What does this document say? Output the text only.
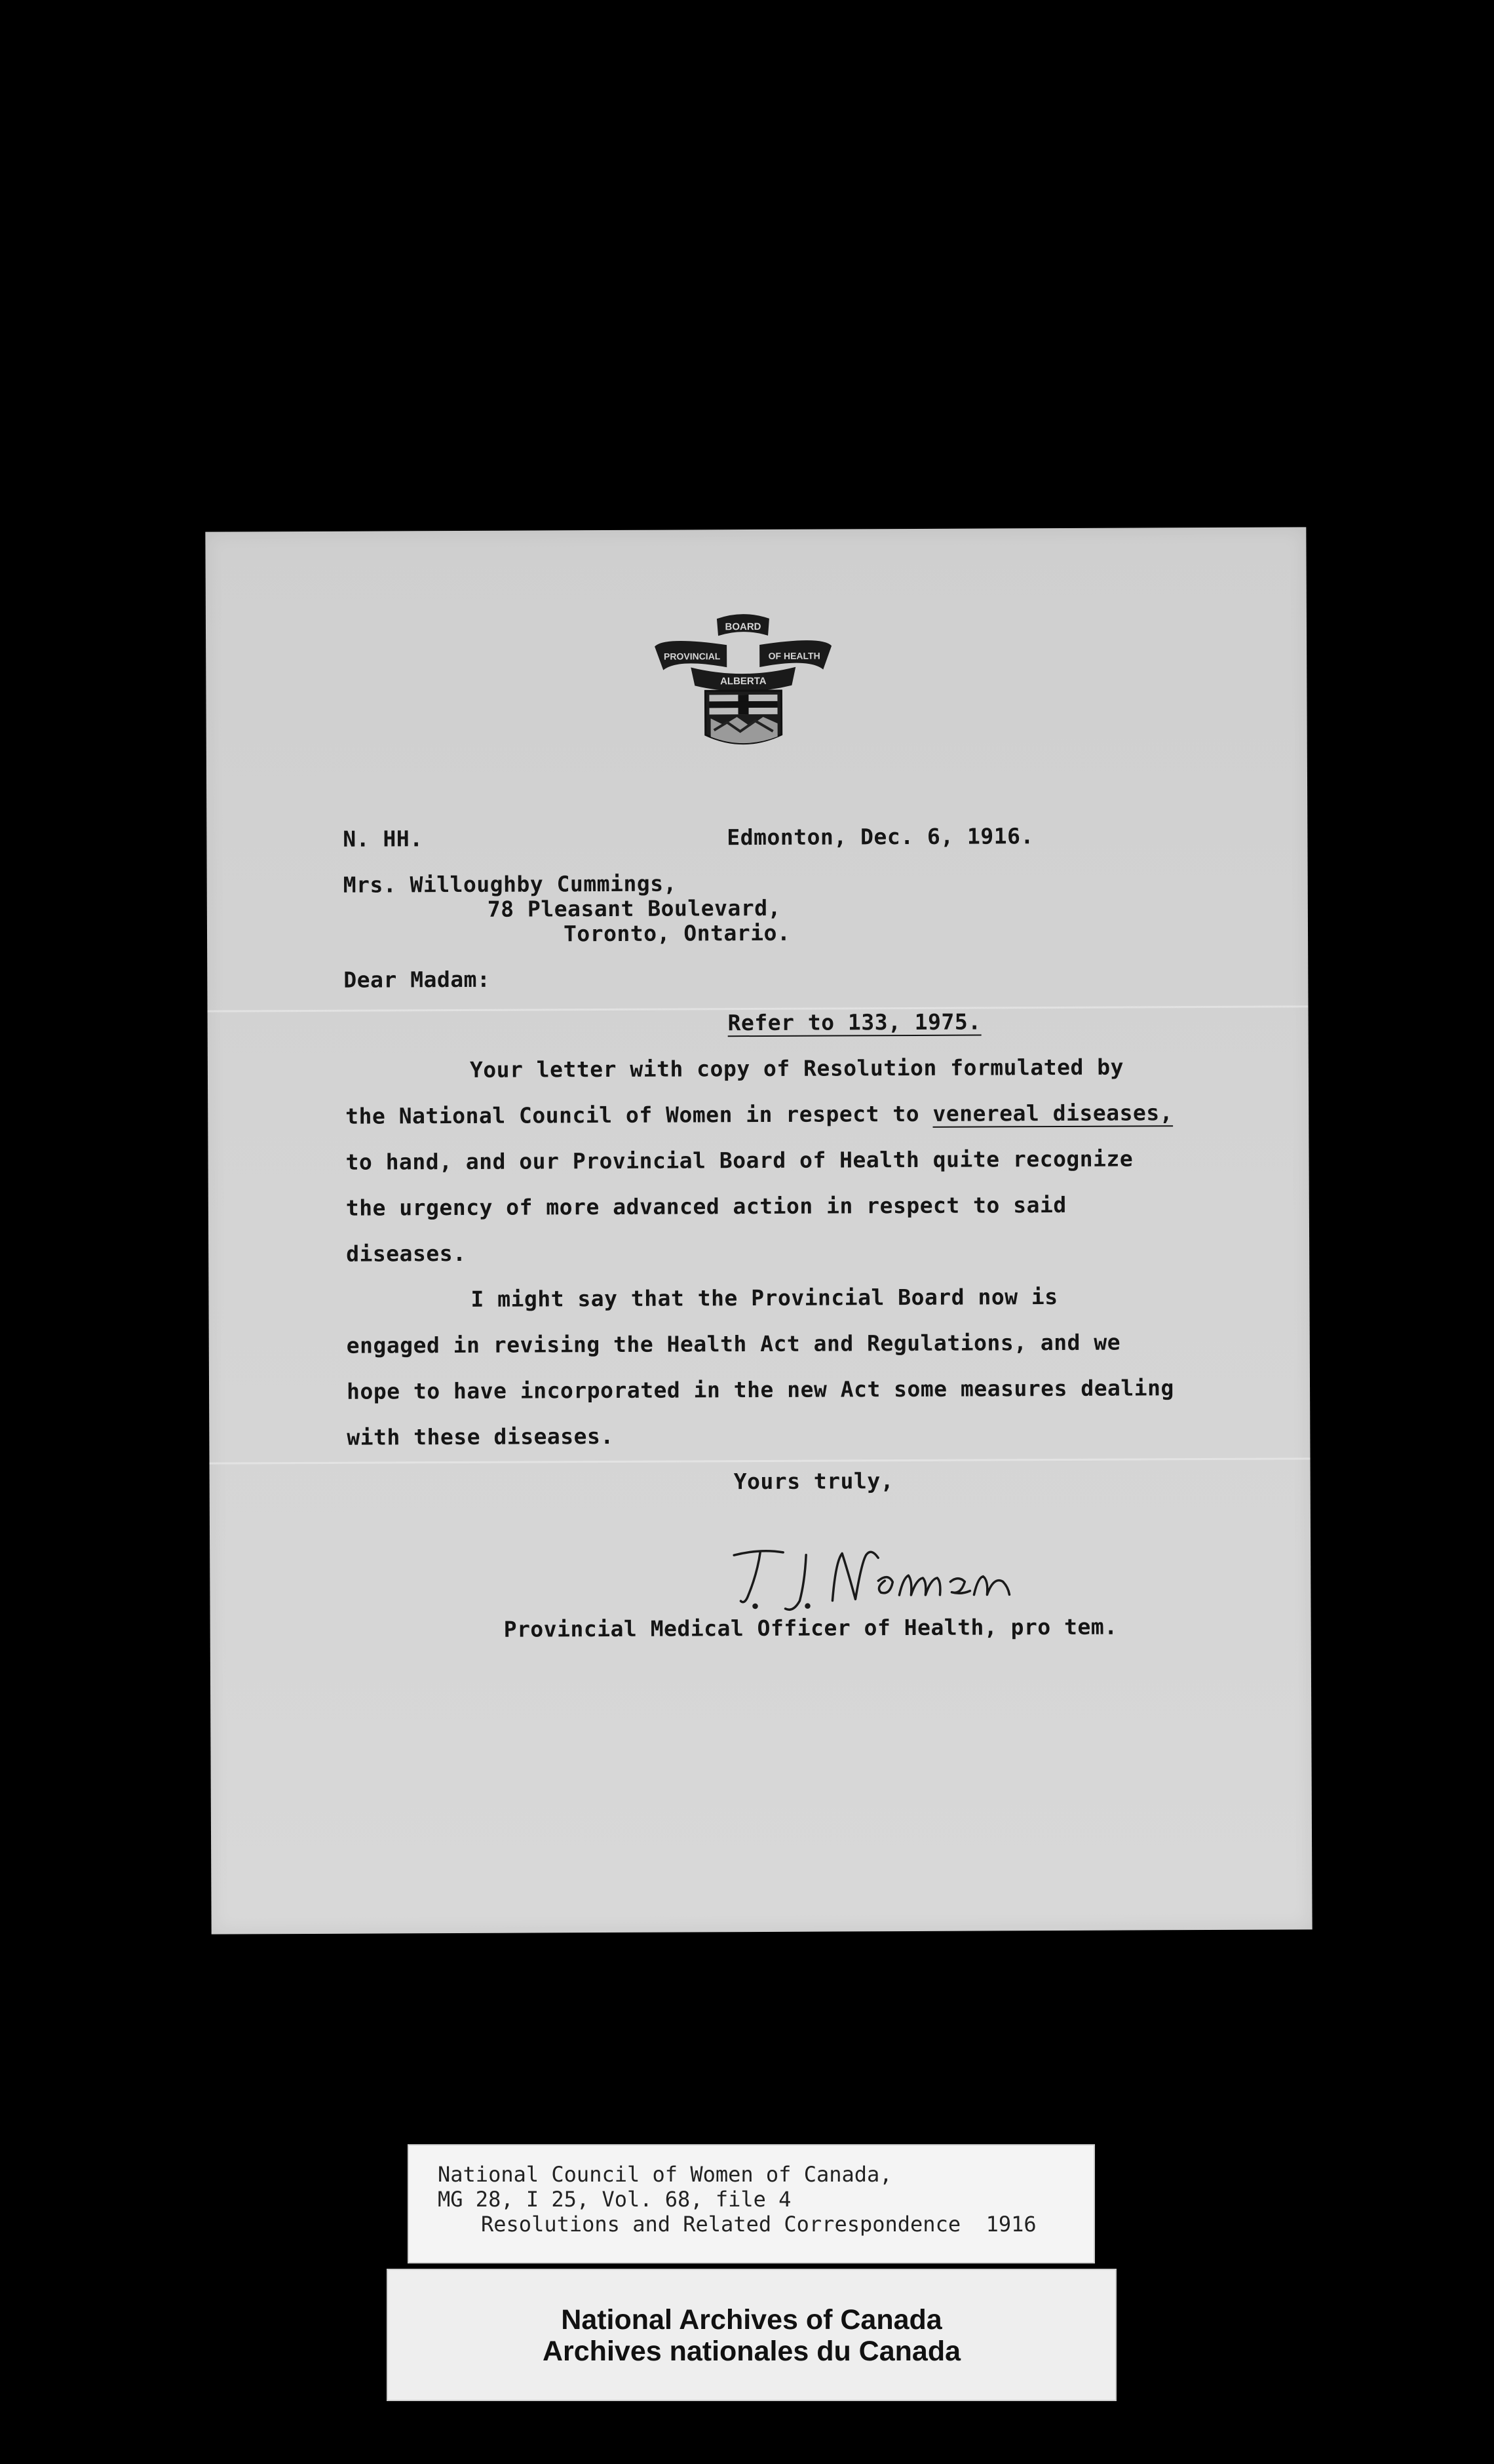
BOARD
PROVINCIAL	OF HEALTH
ALBERTA
N. HH.	Edmonton, Dec. 6, 1916.
Mrs. Willoughby Cummings,
78 Pleasant Boulevard,
Toronto, Ontario.
Dear Madam:
Refer to 133, 1975.
Your letter with copy of Resolution formulated by
the National Council of Women in respect to venereal diseases,
to hand, and our Provincial Board of Health quite recognize
the urgency of more advanced action in respect to said
diseases.
I might say that the Provincial Board now is
engaged in revising the Health Act and Regulations, and we
hope to have incorporated in the new Act some measures dealing
with these diseases.
Yours truly,
Provincial Medical Officer of Health, pro tem.
National Council of Women of Canada,
MG 28, I 25, Vol. 68, file 4
Resolutions and Related Correspondence  1916
National Archives of Canada
Archives nationales du Canada
